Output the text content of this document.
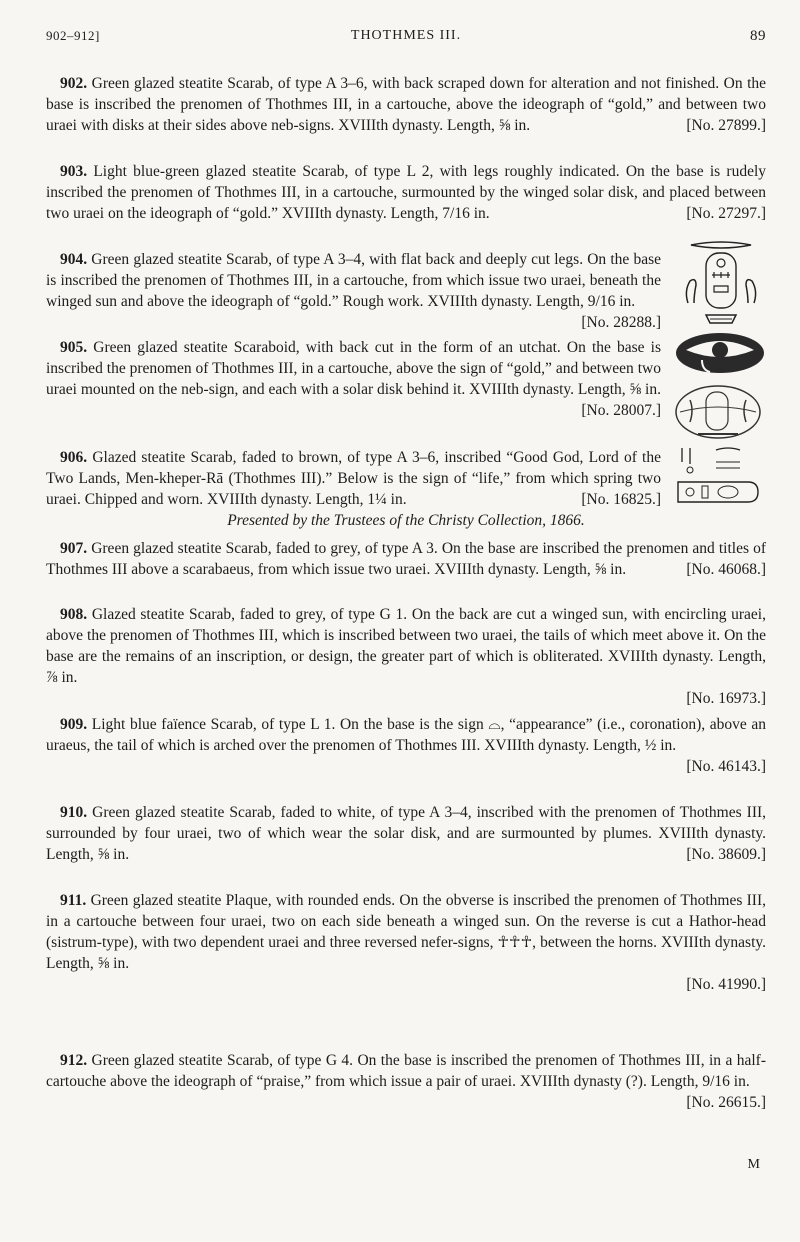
902–912]	THOTHMES III.	89

902. Green glazed steatite Scarab, of type A 3–6, with back scraped down for alteration and not finished. On the base is inscribed the prenomen of Thothmes III, in a cartouche, above the ideograph of “gold,” and between two uraei with disks at their sides above neb-signs. XVIIIth dynasty. Length, ⅝ in.	[No. 27899.]

903. Light blue-green glazed steatite Scarab, of type L 2, with legs roughly indicated. On the base is rudely inscribed the prenomen of Thothmes III, in a cartouche, surmounted by the winged solar disk, and placed between two uraei on the ideograph of “gold.” XVIIIth dynasty. Length, 7/16 in.	[No. 27297.]

904. Green glazed steatite Scarab, of type A 3–4, with flat back and deeply cut legs. On the base is inscribed the prenomen of Thothmes III, in a cartouche, from which issue two uraei, beneath the winged sun and above the ideograph of “gold.” Rough work. XVIIIth dynasty. Length, 9/16 in.
[No. 28288.]

905. Green glazed steatite Scaraboid, with back cut in the form of an utchat. On the base is inscribed the prenomen of Thothmes III, in a cartouche, above the sign of “gold,” and between two uraei mounted on the neb-sign, and each with a solar disk behind it. XVIIIth dynasty. Length, ⅝ in.
[No. 28007.]

906. Glazed steatite Scarab, faded to brown, of type A 3–6, inscribed “Good God, Lord of the Two Lands, Men-kheper-Rā (Thothmes III).” Below is the sign of “life,” from which spring two uraei. Chipped and worn. XVIIIth dynasty. Length, 1¼ in.	[No. 16825.]

Presented by the Trustees of the Christy Collection, 1866.

907. Green glazed steatite Scarab, faded to grey, of type A 3. On the base are inscribed the prenomen and titles of Thothmes III above a scarabaeus, from which issue two uraei. XVIIIth dynasty. Length, ⅝ in.	[No. 46068.]

908. Glazed steatite Scarab, faded to grey, of type G 1. On the back are cut a winged sun, with encircling uraei, above the prenomen of Thothmes III, which is inscribed between two uraei, the tails of which meet above it. On the base are the remains of an inscription, or design, the greater part of which is obliterated. XVIIIth dynasty. Length, ⅞ in.
[No. 16973.]

909. Light blue faïence Scarab, of type L 1. On the base is the sign ⌓, “appearance” (i.e., coronation), above an uraeus, the tail of which is arched over the prenomen of Thothmes III. XVIIIth dynasty. Length, ½ in.
[No. 46143.]

910. Green glazed steatite Scarab, faded to white, of type A 3–4, inscribed with the prenomen of Thothmes III, surrounded by four uraei, two of which wear the solar disk, and are surmounted by plumes. XVIIIth dynasty. Length, ⅝ in.	[No. 38609.]

911. Green glazed steatite Plaque, with rounded ends. On the obverse is inscribed the prenomen of Thothmes III, in a cartouche between four uraei, two on each side beneath a winged sun. On the reverse is cut a Hathor-head (sistrum-type), with two dependent uraei and three reversed nefer-signs, ☥☥☥, between the horns. XVIIIth dynasty. Length, ⅝ in.
[No. 41990.]

912. Green glazed steatite Scarab, of type G 4. On the base is inscribed the prenomen of Thothmes III, in a half-cartouche above the ideograph of “praise,” from which issue a pair of uraei. XVIIIth dynasty (?). Length, 9/16 in.
[No. 26615.]

M
